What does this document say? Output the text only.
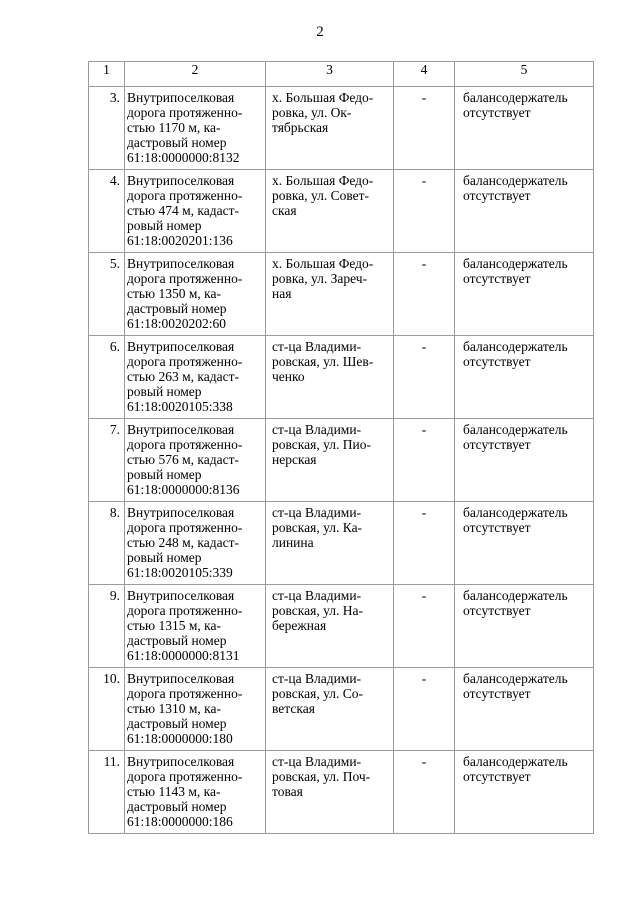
2
1	2	3	4	5
3.	Внутрипоселковая
дорога протяженно-
стью 1170 м, ка-
дастровый номер
61:18:0000000:8132	х. Большая Федо-
ровка, ул. Ок-
тябрьская	-	балансодержатель
отсутствует
4.	Внутрипоселковая
дорога протяженно-
стью 474 м, кадаст-
ровый номер
61:18:0020201:136	х. Большая Федо-
ровка, ул. Совет-
ская	-	балансодержатель
отсутствует
5.	Внутрипоселковая
дорога протяженно-
стью 1350 м, ка-
дастровый номер
61:18:0020202:60	х. Большая Федо-
ровка, ул. Зареч-
ная	-	балансодержатель
отсутствует
6.	Внутрипоселковая
дорога протяженно-
стью 263 м, кадаст-
ровый номер
61:18:0020105:338	ст-ца Владими-
ровская, ул. Шев-
ченко	-	балансодержатель
отсутствует
7.	Внутрипоселковая
дорога протяженно-
стью 576 м, кадаст-
ровый номер
61:18:0000000:8136	ст-ца Владими-
ровская, ул. Пио-
нерская	-	балансодержатель
отсутствует
8.	Внутрипоселковая
дорога протяженно-
стью 248 м, кадаст-
ровый номер
61:18:0020105:339	ст-ца Владими-
ровская, ул. Ка-
линина	-	балансодержатель
отсутствует
9.	Внутрипоселковая
дорога протяженно-
стью 1315 м, ка-
дастровый номер
61:18:0000000:8131	ст-ца Владими-
ровская, ул. На-
бережная	-	балансодержатель
отсутствует
10.	Внутрипоселковая
дорога протяженно-
стью 1310 м, ка-
дастровый номер
61:18:0000000:180	ст-ца Владими-
ровская, ул. Со-
ветская	-	балансодержатель
отсутствует
11.	Внутрипоселковая
дорога протяженно-
стью 1143 м, ка-
дастровый номер
61:18:0000000:186	ст-ца Владими-
ровская, ул. Поч-
товая	-	балансодержатель
отсутствует
